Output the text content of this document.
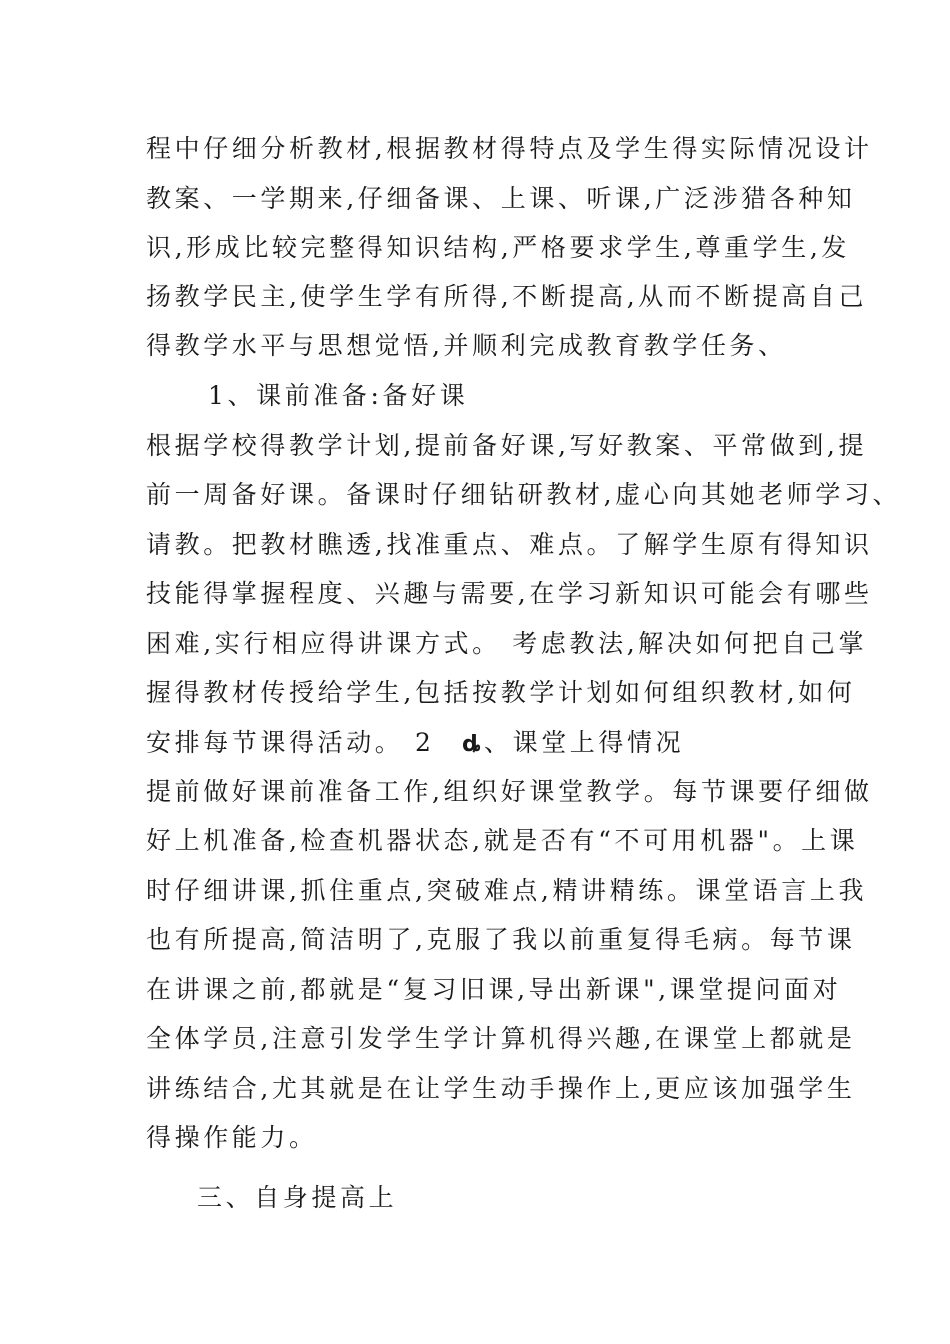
程中仔细分析教材,根据教材得特点及学生得实际情况设计
教案、一学期来,仔细备课、上课、听课,广泛涉猎各种知
识,形成比较完整得知识结构,严格要求学生,尊重学生,发
扬教学民主,使学生学有所得,不断提高,从而不断提高自己
得教学水平与思想觉悟,并顺利完成教育教学任务、
1、课前准备:备好课
根据学校得教学计划,提前备好课,写好教案、平常做到,提
前一周备好课。备课时仔细钻研教材,虚心向其她老师学习、
请教。把教材瞧透,找准重点、难点。了解学生原有得知识
技能得掌握程度、兴趣与需要,在学习新知识可能会有哪些
困难,实行相应得讲课方式。 考虑教法,解决如何把自己掌
握得教材传授给学生,包括按教学计划如何组织教材,如何
安排每节课得活动。 2 ȡ 、课堂上得情况
提前做好课前准备工作,组织好课堂教学。每节课要仔细做
好上机准备,检查机器状态,就是否有“不可用机器"。上课
时仔细讲课,抓住重点,突破难点,精讲精练。课堂语言上我
也有所提高,简洁明了,克服了我以前重复得毛病。每节课
在讲课之前,都就是“复习旧课,导出新课",课堂提问面对
全体学员,注意引发学生学计算机得兴趣,在课堂上都就是
讲练结合,尤其就是在让学生动手操作上,更应该加强学生
得操作能力。
三、自身提高上
